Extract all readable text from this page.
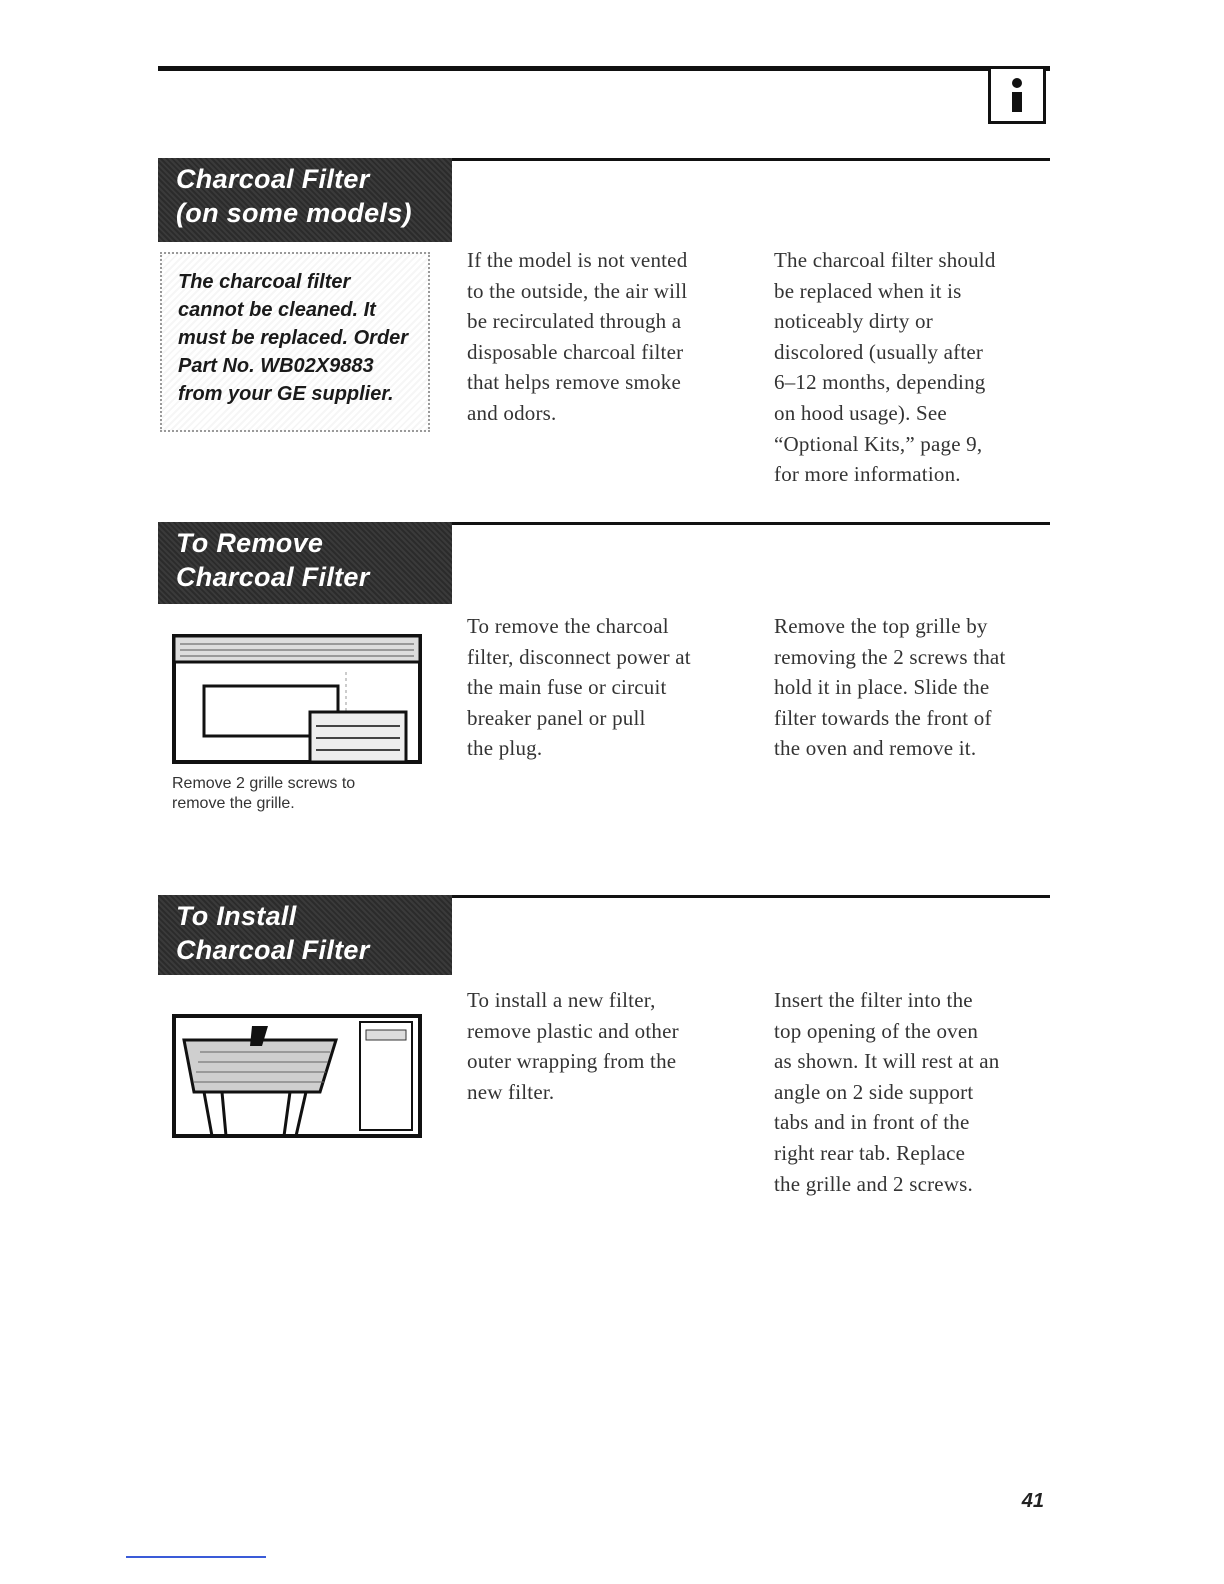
Charcoal Filter
(on some models)
The charcoal filter
cannot be cleaned. It
must be replaced. Order
Part No. WB02X9883
from your GE supplier.
If the model is not vented
to the outside, the air will
be recirculated through a
disposable charcoal filter
that helps remove smoke
and odors.
The charcoal filter should
be replaced when it is
noticeably dirty or
discolored (usually after
6–12 months, depending
on hood usage). See
“Optional Kits,” page 9,
for more information.
To Remove
Charcoal Filter
Remove 2 grille screws to
remove the grille.
To remove the charcoal
filter, disconnect power at
the main fuse or circuit
breaker panel or pull
the plug.
Remove the top grille by
removing the 2 screws that
hold it in place. Slide the
filter towards the front of
the oven and remove it.
To Install
Charcoal Filter
To install a new filter,
remove plastic and other
outer wrapping from the
new filter.
Insert the filter into the
top opening of the oven
as shown. It will rest at an
angle on 2 side support
tabs and in front of the
right rear tab. Replace
the grille and 2 screws.
41
